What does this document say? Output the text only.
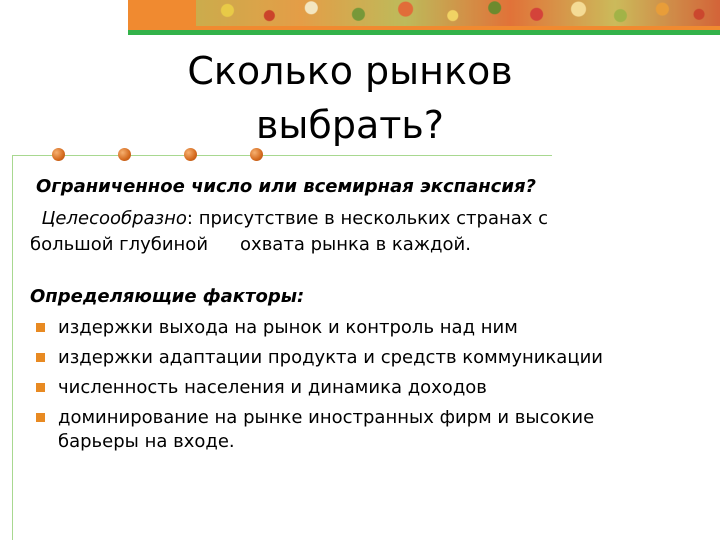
Сколько рынков
выбрать?
Ограниченное число или всемирная экспансия?
Целесообразно: присутствие в нескольких странах с
большой глубиной охвата рынка в каждой.
Определяющие факторы:
издержки выхода на рынок и контроль над ним
издержки адаптации продукта и средств коммуникации
численность населения и динамика доходов
доминирование на рынке иностранных фирм и высокие барьеры на входе.
